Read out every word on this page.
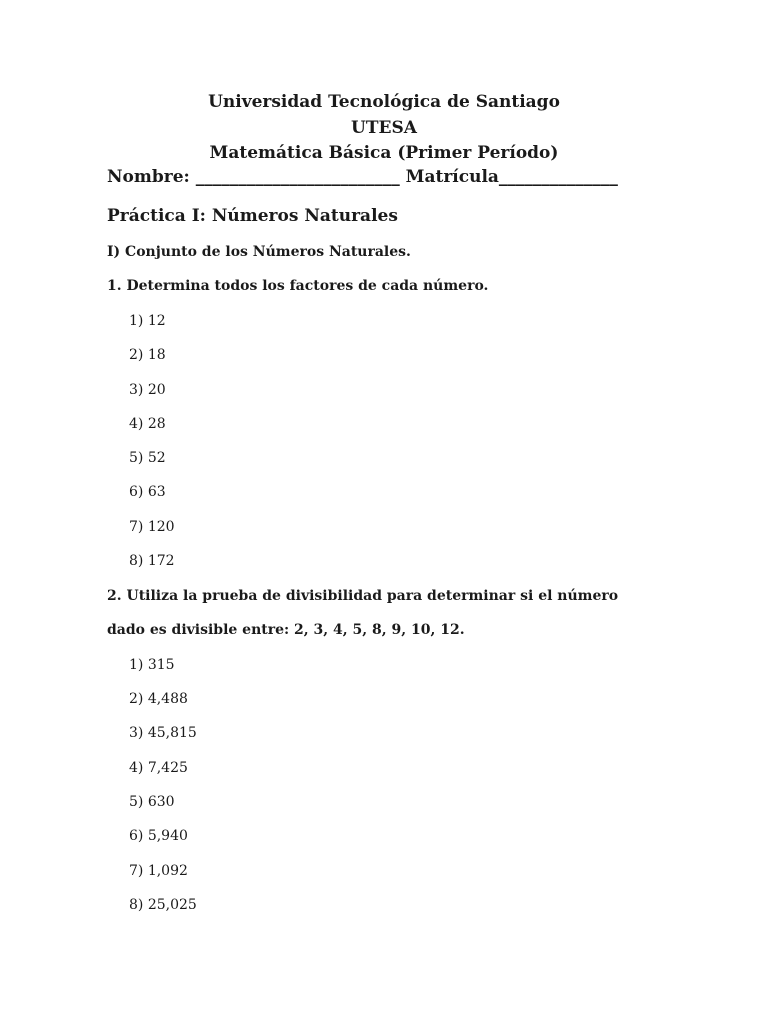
Universidad Tecnológica de Santiago
UTESA
Matemática Básica (Primer Período)
Nombre: ________________________ Matrícula______________
Práctica I: Números Naturales
I) Conjunto de los Números Naturales.
1. Determina todos los factores de cada número.
1) 12
2) 18
3) 20
4) 28
5) 52
6) 63
7) 120
8) 172
2. Utiliza la prueba de divisibilidad para determinar si el número
dado es divisible entre: 2, 3, 4, 5, 8, 9, 10, 12.
1) 315
2) 4,488
3) 45,815
4) 7,425
5) 630
6) 5,940
7) 1,092
8) 25,025
